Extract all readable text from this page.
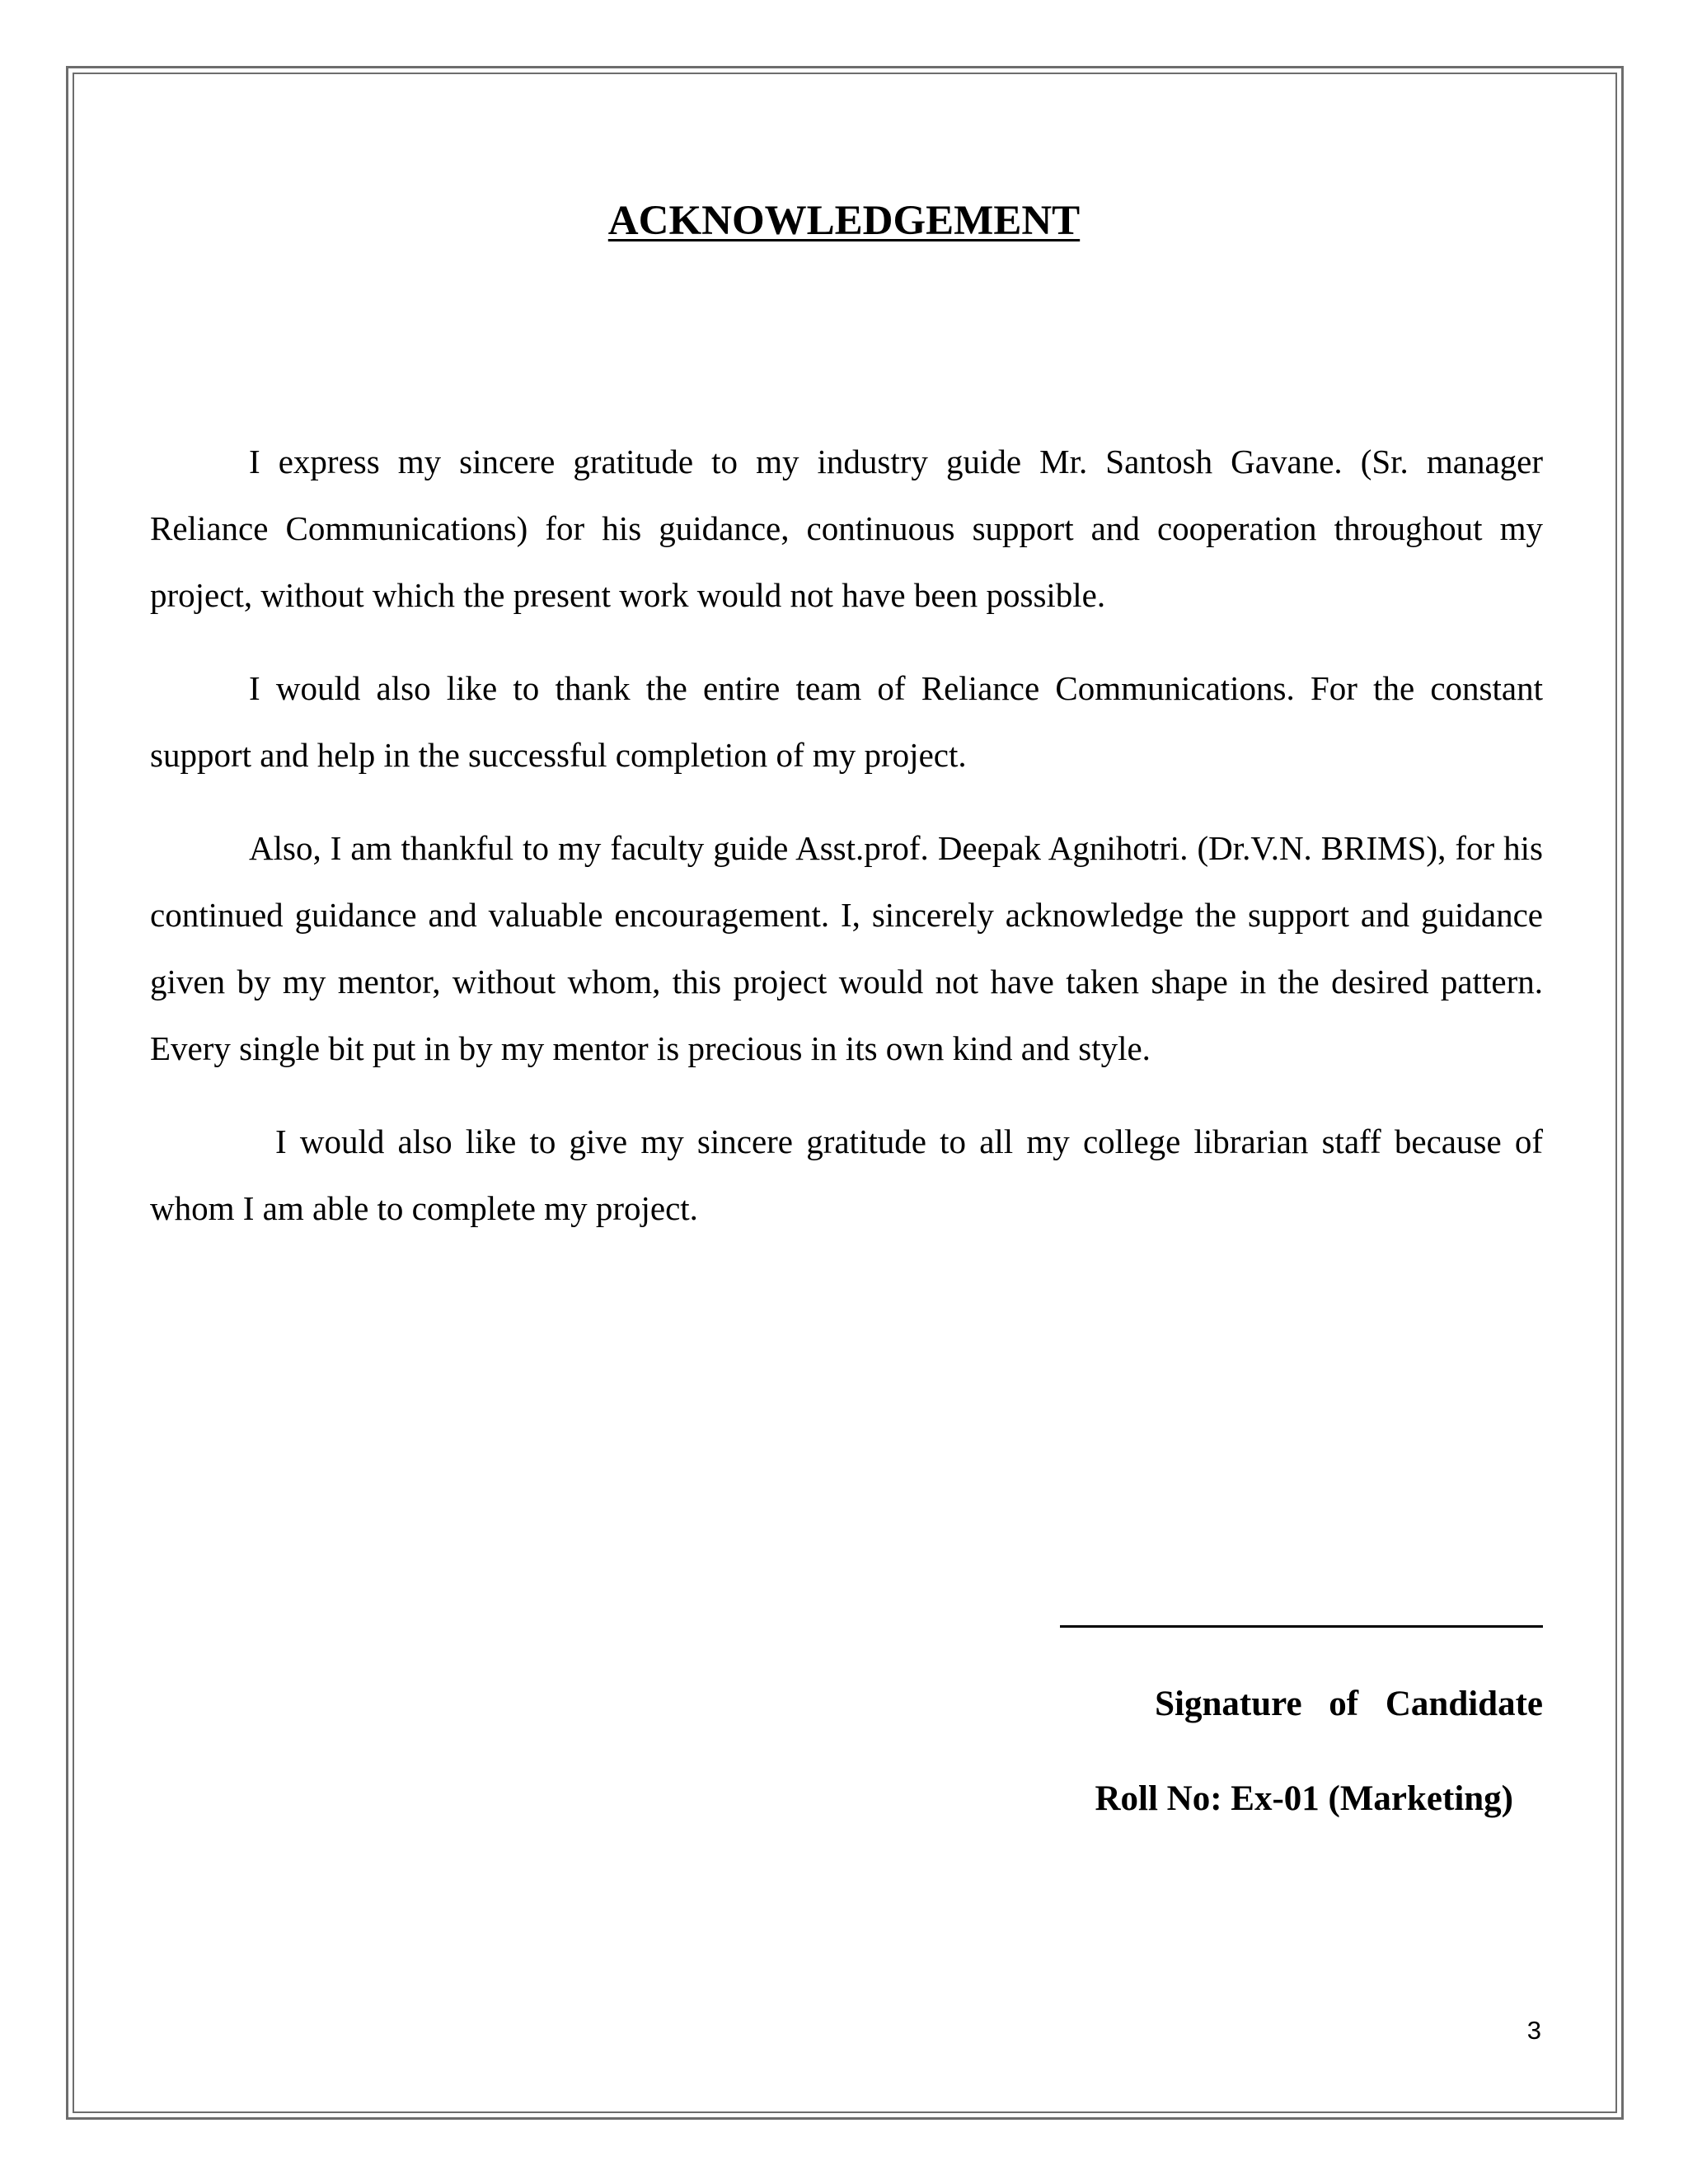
ACKNOWLEDGEMENT

I express my sincere gratitude to my industry guide Mr. Santosh Gavane. (Sr. manager Reliance Communications) for his guidance, continuous support and cooperation throughout my project, without which the present work would not have been possible.

I would also like to thank the entire team of Reliance Communications. For the constant support and help in the successful completion of my project.

Also, I am thankful to my faculty guide Asst.prof. Deepak Agnihotri. (Dr.V.N. BRIMS), for his continued guidance and valuable encouragement. I, sincerely acknowledge the support and guidance given by my mentor, without whom, this project would not have taken shape in the desired pattern. Every single bit put in by my mentor is precious in its own kind and style.

I would also like to give my sincere gratitude to all my college librarian staff because of whom I am able to complete my project.

Signature of Candidate
Roll No: Ex-01 (Marketing)
3
